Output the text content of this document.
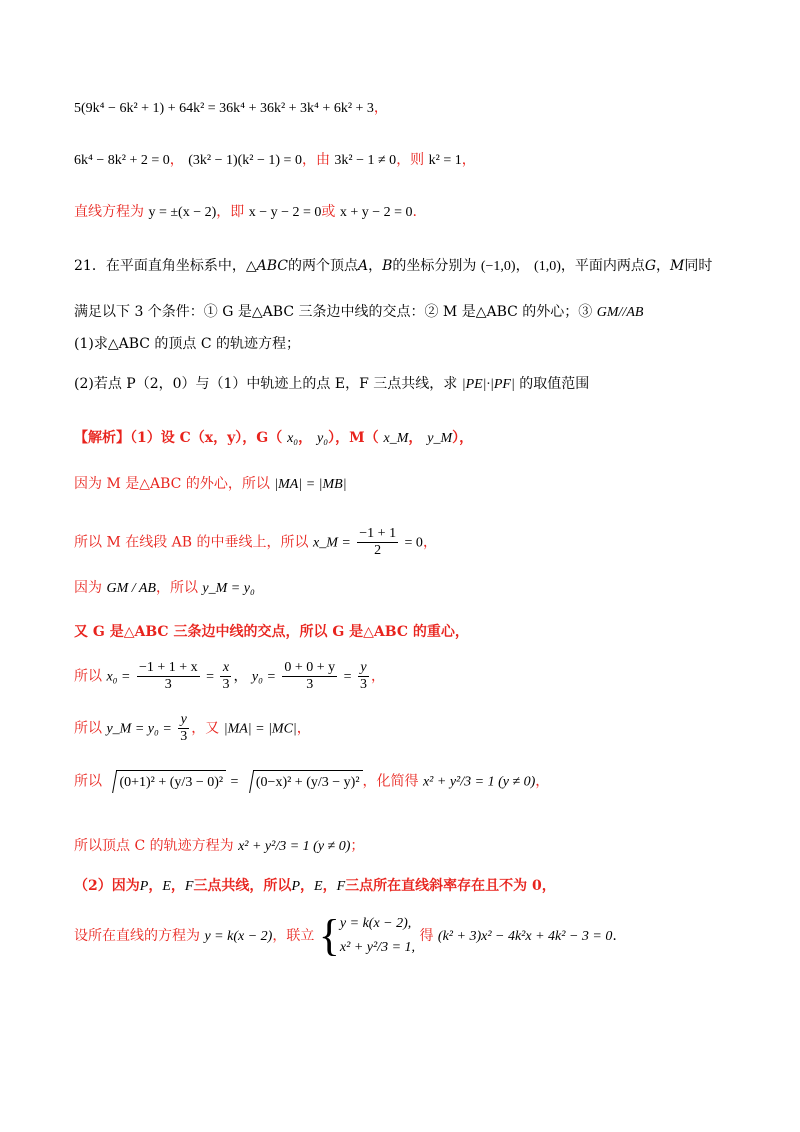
5(9k⁴ − 6k² + 1) + 64k² = 36k⁴ + 36k² + 3k⁴ + 6k² + 3，
6k⁴ − 8k² + 2 = 0， (3k² − 1)(k² − 1) = 0，由 3k² − 1 ≠ 0，则 k² = 1，
直线方程为 y = ±(x − 2)，即 x − y − 2 = 0或 x + y − 2 = 0.
21．在平面直角坐标系中，△ABC的两个顶点A，B的坐标分别为 (−1,0)， (1,0)，平面内两点G，M同时
满足以下 3 个条件：① G 是△ABC 三条边中线的交点：② M 是△ABC 的外心；③ GM//AB
(1)求△ABC 的顶点 C 的轨迹方程；
(2)若点 P（2，0）与（1）中轨迹上的点 E，F 三点共线，求 |PE|·|PF| 的取值范围
【解析】（1）设 C（x，y），G（ x₀， y₀），M（ x_M， y_M），
因为 M 是△ABC 的外心，所以 |MA| = |MB|
所以 M 在线段 AB 的中垂线上，所以 x_M = $\frac{-1 + 1}{2} = 0$，
因为 GM / AB，所以 y_M = y₀
又 G 是△ABC 三条边中线的交点，所以 G 是△ABC 的重心，
所以 $x_0 = \frac{-1 + 1 + x}{3} = \frac{x}{3}$ ， $y_0 = \frac{0 + 0 + y}{3} = \frac{y}{3}$ ，
所以 y_M = $y_0 = \frac{y}{3}$ ，又 |MA| = |MC|，
所以 (0+1)² + (y/3 − 0)² = (0−x)² + (y/3 − y)² ，化简得 x² + y²/3 = 1 (y ≠ 0)，
所以顶点 C 的轨迹方程为 x² + y²/3 = 1 (y ≠ 0)；
（2）因为P，E，F三点共线，所以P，E，F三点所在直线斜率存在且不为 0，
设所在直线的方程为 y = k(x − 2)，联立 { y = k(x − 2),
x² + y²/3 = 1,
得 (k² + 3)x² − 4k²x + 4k² − 3 = 0.
